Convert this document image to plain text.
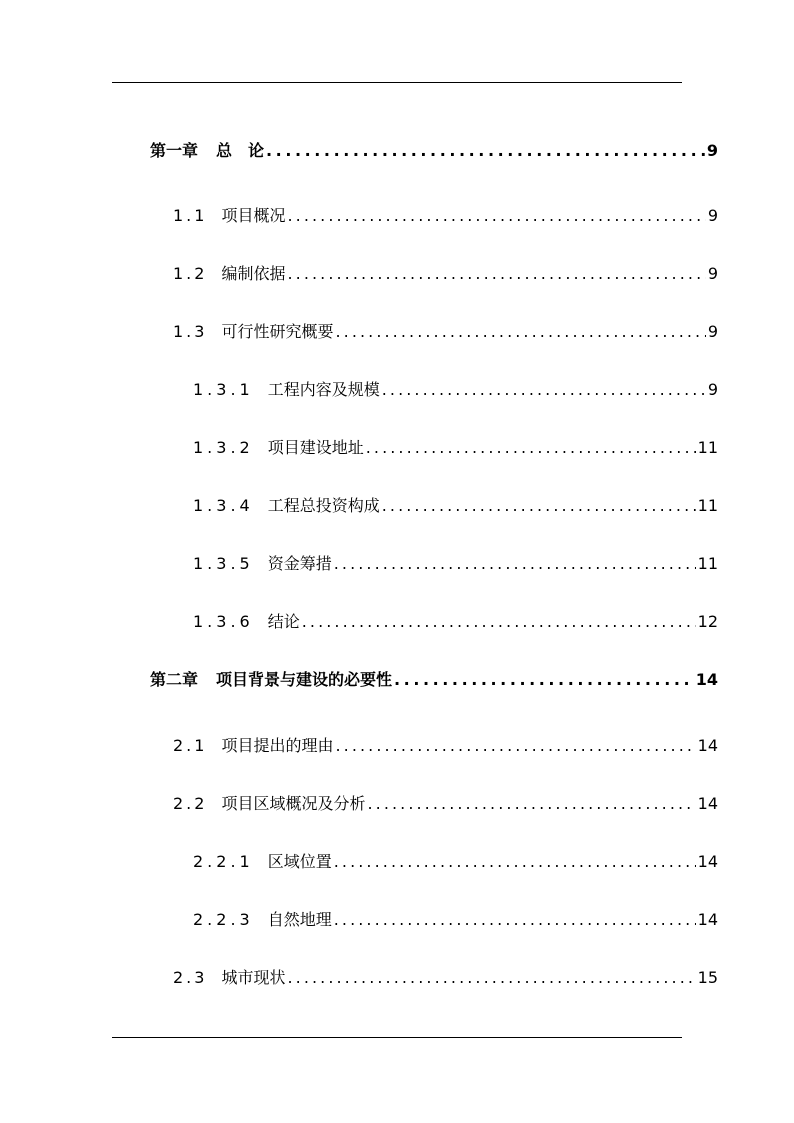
第一章 总　论 . . .	9
1.1 项目概况 . . .	9
1.2 编制依据 . . .	9
1.3 可行性研究概要 . . .	9
1.3.1 工程内容及规模 . . .	9
1.3.2 项目建设地址 . . .	11
1.3.4 工程总投资构成 . . .	11
1.3.5 资金筹措 . . .	11
1.3.6 结论 . . .	12
第二章 项目背景与建设的必要性 . . .	14
2.1 项目提出的理由 . . .	14
2.2 项目区域概况及分析 . . .	14
2.2.1 区域位置 . . .	14
2.2.3 自然地理 . . .	14
2.3 城市现状 . . .	15
